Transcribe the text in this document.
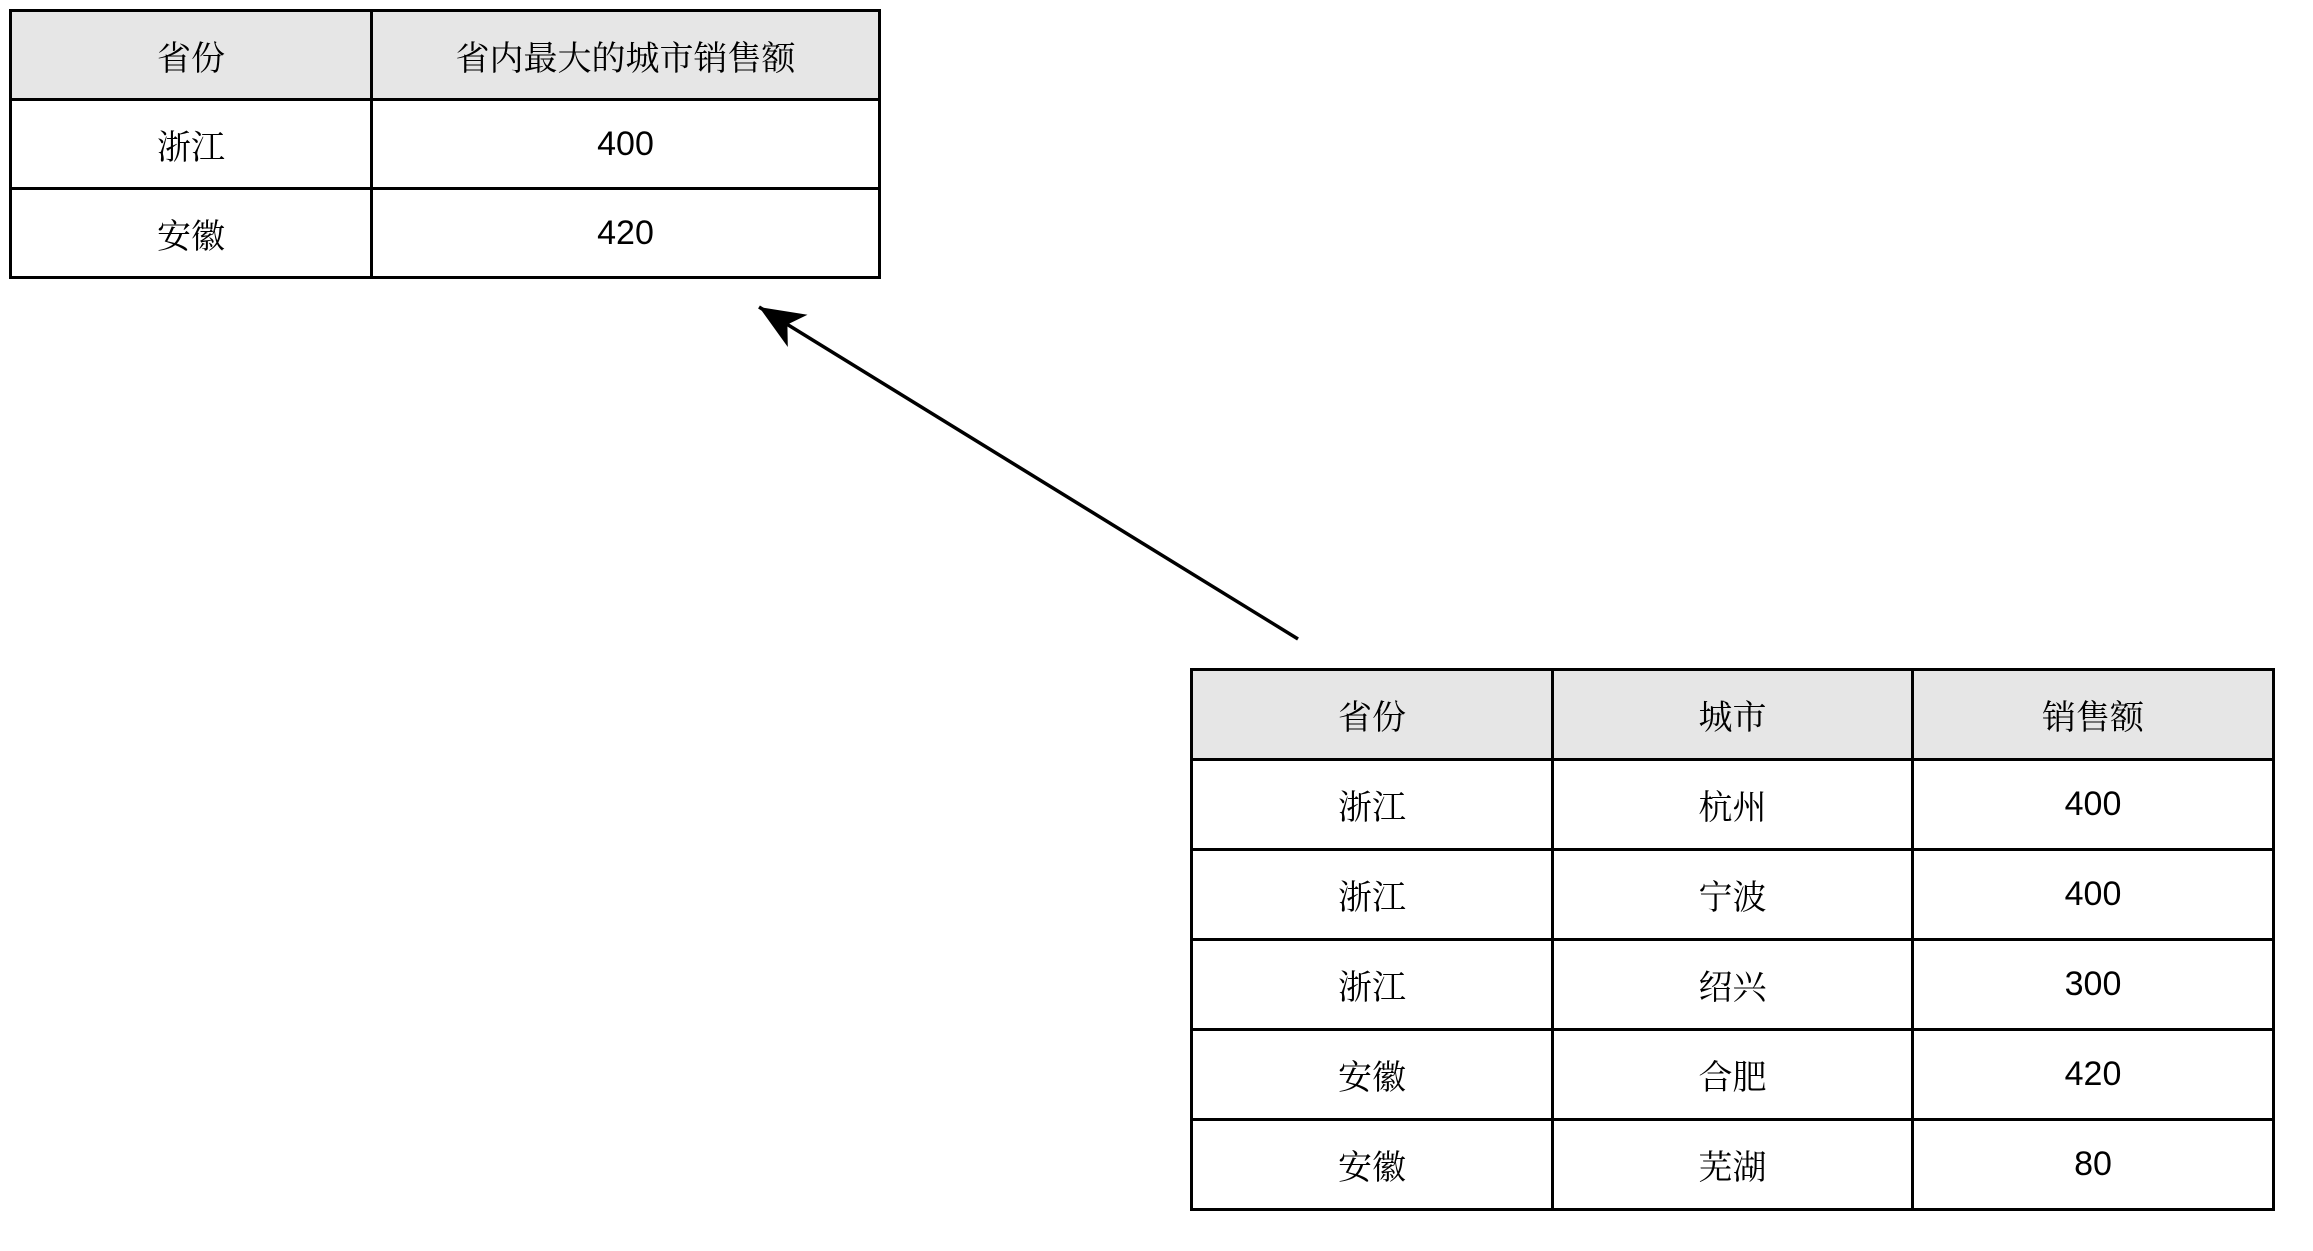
省份	省内最大的城市销售额
浙江	400
安徽	420
省份	城市	销售额
浙江	杭州	400
浙江	宁波	400
浙江	绍兴	300
安徽	合肥	420
安徽	芜湖	80
